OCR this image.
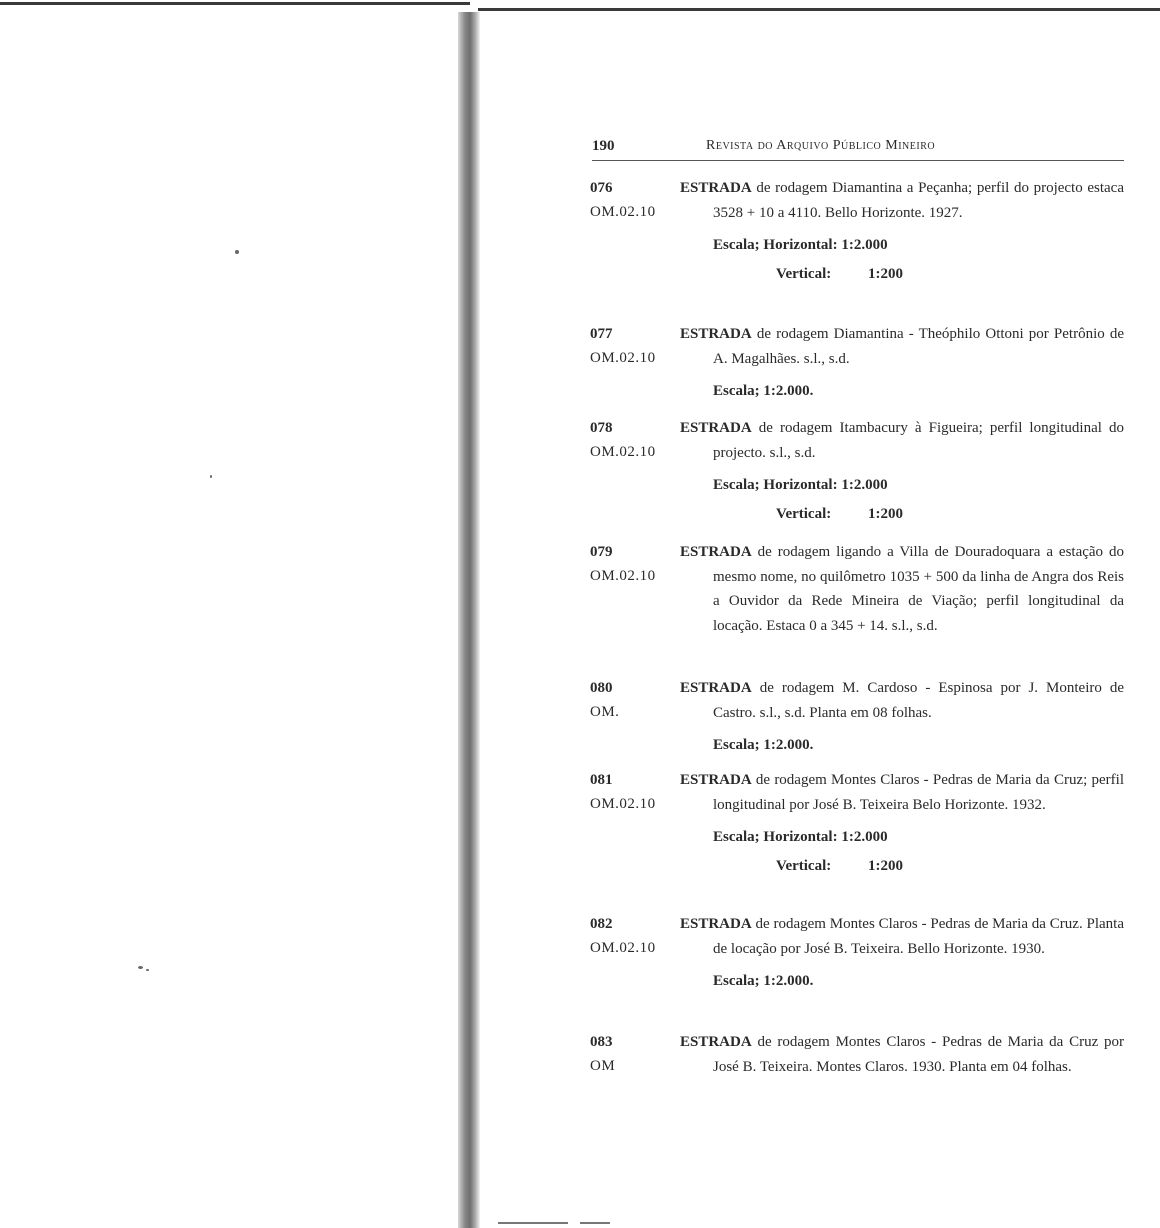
190	Revista do Arquivo Público Mineiro
076
OM.02.10

ESTRADA de rodagem Diamantina a Peçanha; perfil do projecto estaca 3528 + 10 a 4110. Bello Horizonte. 1927.

Escala; Horizontal: 1:2.000
Vertical: 1:200
077
OM.02.10

ESTRADA de rodagem Diamantina - Theóphilo Ottoni por Petrônio de A. Magalhães. s.l., s.d.

Escala; 1:2.000.
078
OM.02.10

ESTRADA de rodagem Itambacury à Figueira; perfil longitudinal do projecto. s.l., s.d.

Escala; Horizontal: 1:2.000
Vertical: 1:200
079
OM.02.10

ESTRADA de rodagem ligando a Villa de Douradoquara a estação do mesmo nome, no quilômetro 1035 + 500 da linha de Angra dos Reis a Ouvidor da Rede Mineira de Viação; perfil longitudinal da locação. Estaca 0 a 345 + 14. s.l., s.d.

080
OM.

ESTRADA de rodagem M. Cardoso - Espinosa por J. Monteiro de Castro. s.l., s.d. Planta em 08 folhas.

Escala; 1:2.000.
081
OM.02.10

ESTRADA de rodagem Montes Claros - Pedras de Maria da Cruz; perfil longitudinal por José B. Teixeira Belo Horizonte. 1932.

Escala; Horizontal: 1:2.000
Vertical: 1:200
082
OM.02.10

ESTRADA de rodagem Montes Claros - Pedras de Maria da Cruz. Planta de locação por José B. Teixeira. Bello Horizonte. 1930.

Escala; 1:2.000.
083
OM

ESTRADA de rodagem Montes Claros - Pedras de Maria da Cruz por José B. Teixeira. Montes Claros. 1930. Planta em 04 folhas.
